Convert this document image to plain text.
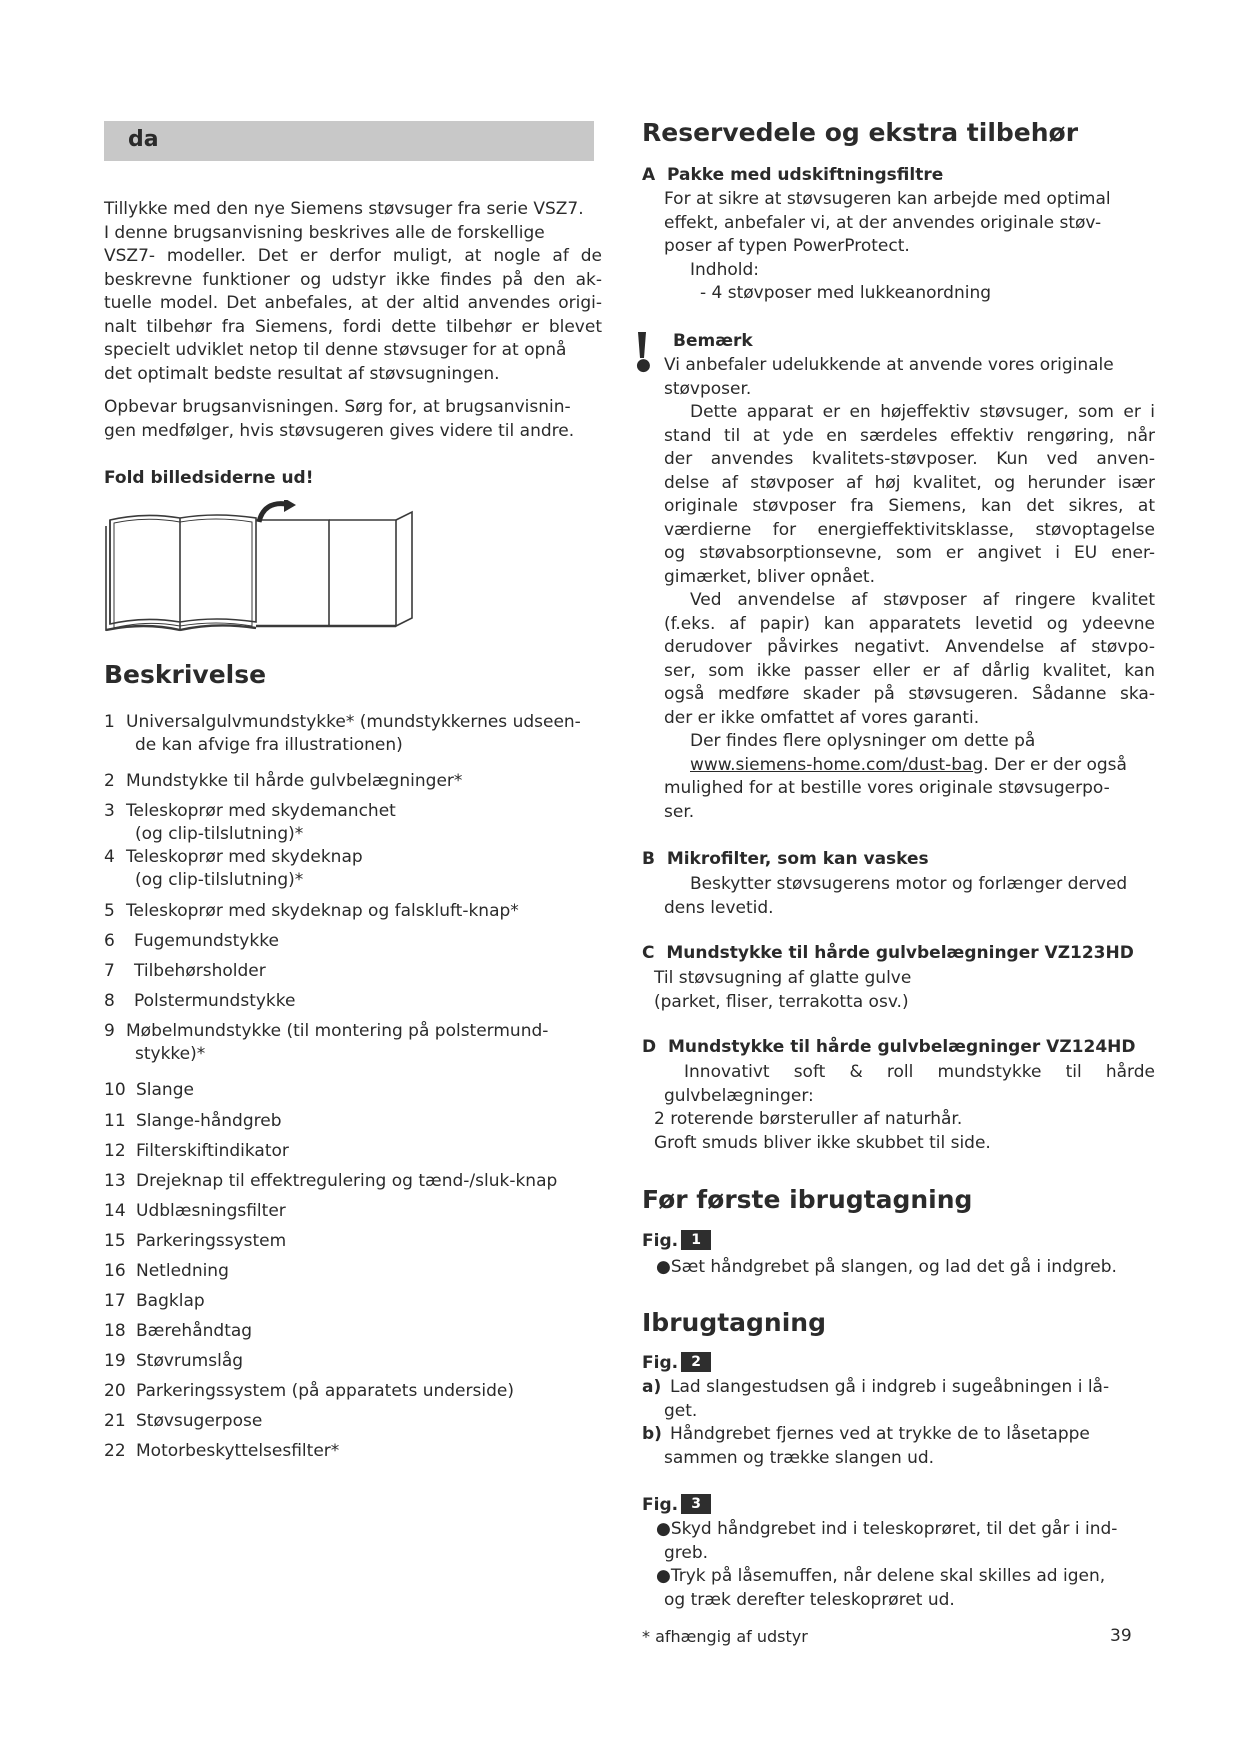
da
Tillykke med den nye Siemens støvsuger fra serie VSZ7.
I denne brugsanvisning beskrives alle de forskellige
VSZ7- modeller. Det er derfor muligt, at nogle af de
beskrevne funktioner og udstyr ikke findes på den ak-
tuelle model. Det anbefales, at der altid anvendes origi-
nalt tilbehør fra Siemens, fordi dette tilbehør er blevet
specielt udviklet netop til denne støvsuger for at opnå
det optimalt bedste resultat af støvsugningen.
Opbevar brugsanvisningen. Sørg for, at brugsanvisnin-
gen medfølger, hvis støvsugeren gives videre til andre.
Fold billedsiderne ud!
Beskrivelse
1 Universalgulvmundstykke* (mundstykkernes udseen-
de kan afvige fra illustrationen)
2 Mundstykke til hårde gulvbelægninger*
3 Teleskoprør med skydemanchet
(og clip-tilslutning)*
4 Teleskoprør med skydeknap
(og clip-tilslutning)*
5 Teleskoprør med skydeknap og falskluft-knap*
6 Fugemundstykke
7 Tilbehørsholder
8 Polstermundstykke
9 Møbelmundstykke (til montering på polstermund-
stykke)*
10 Slange
11 Slange-håndgreb
12 Filterskiftindikator
13 Drejeknap til effektregulering og tænd-/sluk-knap
14 Udblæsningsfilter
15 Parkeringssystem
16 Netledning
17 Bagklap
18 Bærehåndtag
19 Støvrumslåg
20 Parkeringssystem (på apparatets underside)
21 Støvsugerpose
22 Motorbeskyttelsesfilter*
Reservedele og ekstra tilbehør
A Pakke med udskiftningsfiltre
For at sikre at støvsugeren kan arbejde med optimal
effekt, anbefaler vi, at der anvendes originale støv-
poser af typen PowerProtect.
Indhold:
- 4 støvposer med lukkeanordning
Bemærk
● Vi anbefaler udelukkende at anvende vores originale
støvposer.
Dette apparat er en højeffektiv støvsuger, som er i
stand til at yde en særdeles effektiv rengøring, når
der anvendes kvalitets-støvposer. Kun ved anven-
delse af støvposer af høj kvalitet, og herunder især
originale støvposer fra Siemens, kan det sikres, at
værdierne for energieffektivitsklasse, støvoptagelse
og støvabsorptionsevne, som er angivet i EU ener-
gimærket, bliver opnået.
Ved anvendelse af støvposer af ringere kvalitet
(f.eks. af papir) kan apparatets levetid og ydeevne
derudover påvirkes negativt. Anvendelse af støvpo-
ser, som ikke passer eller er af dårlig kvalitet, kan
også medføre skader på støvsugeren. Sådanne ska-
der er ikke omfattet af vores garanti.
Der findes flere oplysninger om dette på
www.siemens-home.com/dust-bag. Der er der også
mulighed for at bestille vores originale støvsugerpo-
ser.
B Mikrofilter, som kan vaskes
Beskytter støvsugerens motor og forlænger derved
dens levetid.
C Mundstykke til hårde gulvbelægninger VZ123HD
Til støvsugning af glatte gulve
(parket, fliser, terrakotta osv.)
D Mundstykke til hårde gulvbelægninger VZ124HD
Innovativt soft & roll mundstykke til hårde
gulvbelægninger:
2 roterende børsteruller af naturhår.
Groft smuds bliver ikke skubbet til side.
Før første ibrugtagning
Fig. 1
●Sæt håndgrebet på slangen, og lad det gå i indgreb.
Ibrugtagning
Fig. 2
a) Lad slangestudsen gå i indgreb i sugeåbningen i lå-
get.
b) Håndgrebet fjernes ved at trykke de to låsetappe
sammen og trække slangen ud.
Fig. 3
●Skyd håndgrebet ind i teleskoprøret, til det går i ind-
greb.
●Tryk på låsemuffen, når delene skal skilles ad igen,
og træk derefter teleskoprøret ud.
* afhængig af udstyr	39
